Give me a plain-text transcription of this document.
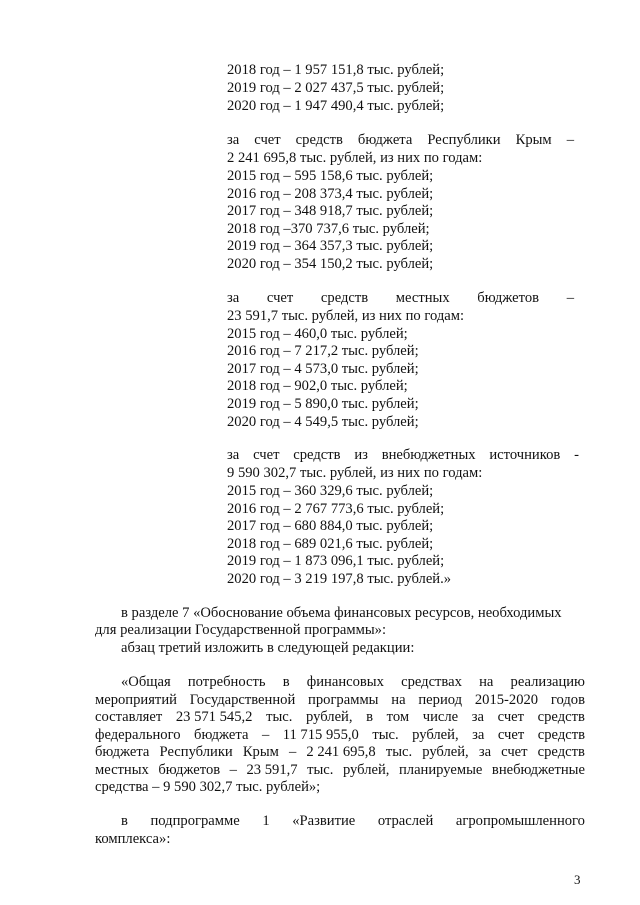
2018 год – 1 957 151,8 тыс. рублей;
2019 год – 2 027 437,5 тыс. рублей;
2020 год – 1 947 490,4 тыс. рублей;
за счет средств бюджета Республики Крым –
2 241 695,8 тыс. рублей, из них по годам:
2015 год – 595 158,6 тыс. рублей;
2016 год – 208 373,4 тыс. рублей;
2017 год – 348 918,7 тыс. рублей;
2018 год –370 737,6 тыс. рублей;
2019 год – 364 357,3 тыс. рублей;
2020 год – 354 150,2 тыс. рублей;
за счет средств местных бюджетов –
23 591,7 тыс. рублей, из них по годам:
2015 год – 460,0 тыс. рублей;
2016 год – 7 217,2 тыс. рублей;
2017 год – 4 573,0 тыс. рублей;
2018 год – 902,0 тыс. рублей;
2019 год – 5 890,0 тыс. рублей;
2020 год – 4 549,5 тыс. рублей;
за счет средств из внебюджетных источников -
9 590 302,7 тыс. рублей, из них по годам:
2015 год – 360 329,6 тыс. рублей;
2016 год – 2 767 773,6 тыс. рублей;
2017 год – 680 884,0 тыс. рублей;
2018 год – 689 021,6 тыс. рублей;
2019 год – 1 873 096,1 тыс. рублей;
2020 год – 3 219 197,8 тыс. рублей.»
в разделе 7 «Обоснование объема финансовых ресурсов, необходимых
для реализации Государственной программы»:
абзац третий изложить в следующей редакции:
«Общая потребность в финансовых средствах на реализацию
мероприятий Государственной программы на период 2015-2020 годов
составляет 23 571 545,2 тыс. рублей, в том числе за счет средств
федерального бюджета – 11 715 955,0 тыс. рублей, за счет средств
бюджета Республики Крым – 2 241 695,8 тыс. рублей, за счет средств
местных бюджетов – 23 591,7 тыс. рублей, планируемые внебюджетные
средства – 9 590 302,7 тыс. рублей»;
в подпрограмме 1 «Развитие отраслей агропромышленного
комплекса»:
3
